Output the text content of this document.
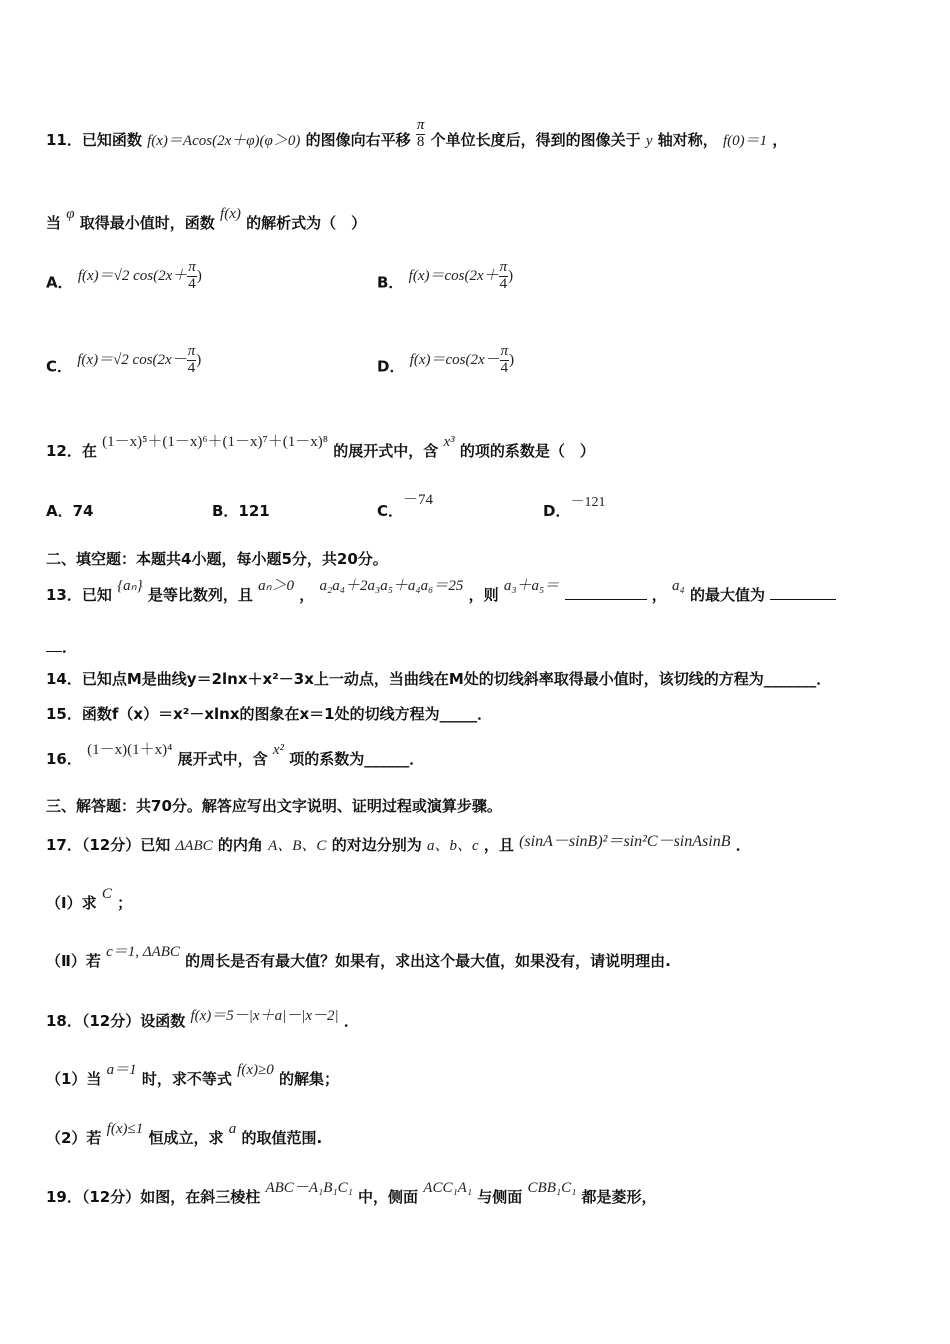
11．已知函数 f(x)＝Acos(2x＋φ)(φ＞0) 的图像向右平移 $\frac{\pi}{8}$ 个单位长度后，得到的图像关于 y 轴对称， f(0)＝1 ，
当 φ 取得最小值时，函数 f(x) 的解析式为（　）
A． f(x)＝√2 $\cos(2x+ \frac{\pi}{4}$ )	B． $f(x)=\cos(2x+ \frac{\pi}{4}$ )
C． f(x)＝√2 $\cos(2x- \frac{\pi}{4}$ )	D． $f(x)=\cos(2x- \frac{\pi}{4}$ )
12．在 (1－x)⁵＋(1－x)⁶＋(1－x)⁷＋(1－x)⁸ 的展开式中，含 x³ 的项的系数是（　）
A．74	B．121	C．－74
D．－121
二、填空题：本题共4小题，每小题5分，共20分。
13．已知 {aₙ} 是等比数列，且 aₙ＞0 ， a₂a₄＋2a₃a₅＋a₄a₆＝25 ，则 a₃＋a₅＝	， a₄ 的最大值为
．
14．已知点M是曲线y＝2lnx＋x²－3x上一动点，当曲线在M处的切线斜率取得最小值时，该切线的方程为_______．
15．函数f（x）＝x²－xlnx的图象在x＝1处的切线方程为_____．
16． (1－x)(1＋x)⁴ 展开式中，含 x² 项的系数为______．
三、解答题：共70分。解答应写出文字说明、证明过程或演算步骤。
17．（12分）已知 ΔABC 的内角 A、B、C 的对边分别为 a、b、c ，且 (sinA－sinB)²＝sin²C－sinAsinB ．
（Ⅰ）求 C ；
（Ⅱ）若 c＝1, ΔABC 的周长是否有最大值？如果有，求出这个最大值，如果没有，请说明理由.
18．（12分）设函数 f(x)＝5－|x＋a|－|x－2| ．
（1）当 a＝1 时，求不等式 f(x)≥0 的解集；
（2）若 f(x)≤1 恒成立，求 a 的取值范围.
19．（12分）如图，在斜三棱柱 ABC－A₁B₁C₁ 中，侧面 ACC₁A₁ 与侧面 CBB₁C₁ 都是菱形，
